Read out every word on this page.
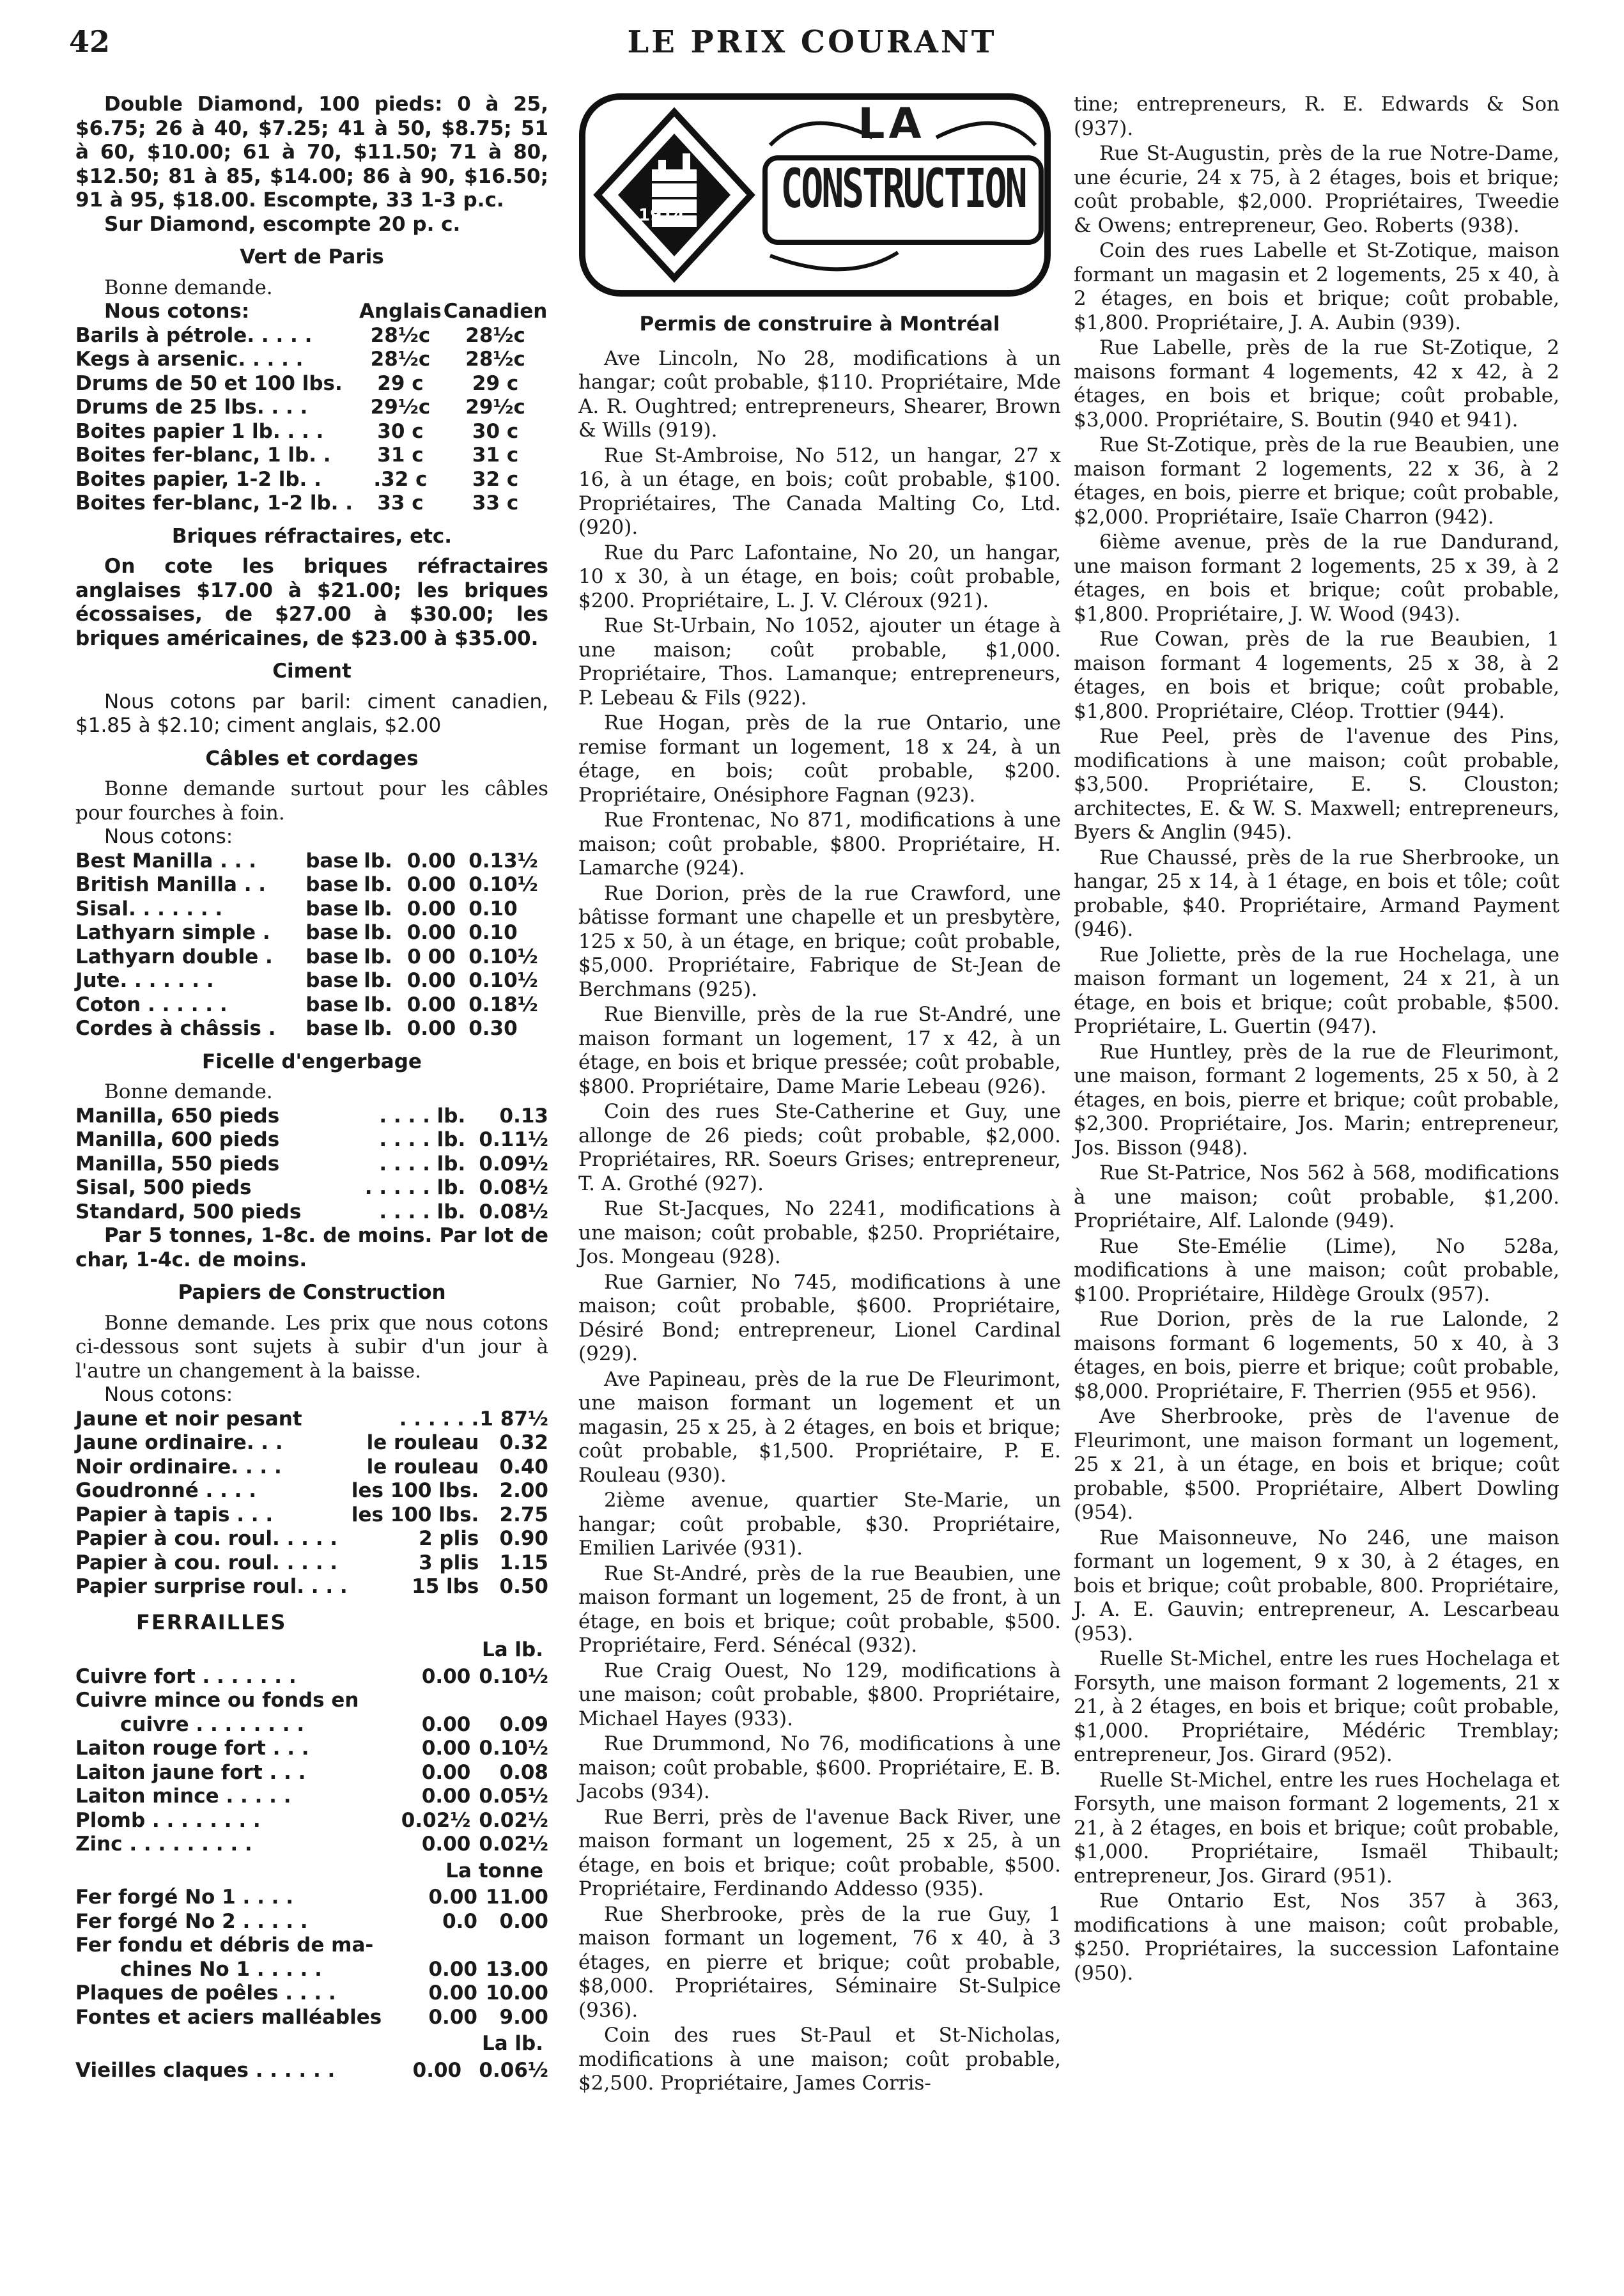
42	LE PRIX COURANT

Double Diamond, 100 pieds: 0 à 25, $6.75; 26 à 40, $7.25; 41 à 50, $8.75; 51 à 60, $10.00; 61 à 70, $11.50; 71 à 80, $12.50; 81 à 85, $14.00; 86 à 90, $16.50; 91 à 95, $18.00. Escompte, 33 1-3 p.c.

Sur Diamond, escompte 20 p. c.

Vert de Paris

Bonne demande.

Nous cotons:	Anglais	Canadien
Barils à pétrole. . . . .	28½c	28½c
Kegs à arsenic. . . . .	28½c	28½c
Drums de 50 et 100 lbs.	29 c	29 c
Drums de 25 lbs. . . .	29½c	29½c
Boites papier 1 lb. . . .	30 c	30 c
Boites fer-blanc, 1 lb. .	31 c	31 c
Boites papier, 1-2 lb. .	.32 c	32 c
Boites fer-blanc, 1-2 lb. .	33 c	33 c
Briques réfractaires, etc.

On cote les briques réfractaires anglaises $17.00 à $21.00; les briques écossaises, de $27.00 à $30.00; les briques américaines, de $23.00 à $35.00.

Ciment

Nous cotons par baril: ciment canadien, $1.85 à $2.10; ciment anglais, $2.00

Câbles et cordages

Bonne demande surtout pour les câbles pour fourches à foin.

Nous cotons:

Best Manilla . . .	base	lb.	0.00	0.13½
British Manilla . .	base	lb.	0.00	0.10½
Sisal. . . . . . .	base	lb.	0.00	0.10
Lathyarn simple .	base	lb.	0.00	0.10
Lathyarn double .	base	lb.	0 00	0.10½
Jute. . . . . . .	base	lb.	0.00	0.10½
Coton . . . . . .	base	lb.	0.00	0.18½
Cordes à châssis .	base	lb.	0.00	0.30
Ficelle d'engerbage

Bonne demande.

Manilla, 650 pieds	. . . . lb.	0.13
Manilla, 600 pieds	. . . . lb.	0.11½
Manilla, 550 pieds	. . . . lb.	0.09½
Sisal, 500 pieds	. . . . . lb.	0.08½
Standard, 500 pieds	. . . . lb.	0.08½

Par 5 tonnes, 1-8c. de moins. Par lot de char, 1-4c. de moins.

Papiers de Construction

Bonne demande. Les prix que nous cotons ci-dessous sont sujets à subir d'un jour à l'autre un changement à la baisse.

Nous cotons:

Jaune et noir pesant	. . . . . .	1 87½
Jaune ordinaire. . .	le rouleau	0.32
Noir ordinaire. . . .	le rouleau	0.40
Goudronné . . . .	les 100 lbs.	2.00
Papier à tapis . . .	les 100 lbs.	2.75
Papier à cou. roul. . . . .	2 plis	0.90
Papier à cou. roul. . . . .	3 plis	1.15
Papier surprise roul. . . .	15 lbs	0.50
FERRAILLES
La lb.
Cuivre fort . . . . . . .	0.00	0.10½
Cuivre mince ou fonds en		
cuivre . . . . . . . .	0.00	0.09
Laiton rouge fort . . .	0.00	0.10½
Laiton jaune fort . . .	0.00	0.08
Laiton mince . . . . .	0.00	0.05½
Plomb . . . . . . . .	0.02½	0.02½
Zinc . . . . . . . . .	0.00	0.02½
La tonne
Fer forgé No 1 . . . .	0.00	11.00
Fer forgé No 2 . . . . .	0.0	0.00
Fer fondu et débris de ma-		
chines No 1 . . . . .	0.00	13.00
Plaques de poêles . . . .	0.00	10.00
Fontes et aciers malléables	0.00	9.00
La lb.
Vieilles claques . . . . . .	0.00	0.06½
1914
LA
CONSTRUCTION
Permis de construire à Montréal

Ave Lincoln, No 28, modifications à un hangar; coût probable, $110. Propriétaire, Mde A. R. Oughtred; entrepreneurs, Shearer, Brown & Wills (919).

Rue St-Ambroise, No 512, un hangar, 27 x 16, à un étage, en bois; coût probable, $100. Propriétaires, The Canada Malting Co, Ltd. (920).

Rue du Parc Lafontaine, No 20, un hangar, 10 x 30, à un étage, en bois; coût probable, $200. Propriétaire, L. J. V. Cléroux (921).

Rue St-Urbain, No 1052, ajouter un étage à une maison; coût probable, $1,000. Propriétaire, Thos. Lamanque; entrepreneurs, P. Lebeau & Fils (922).

Rue Hogan, près de la rue Ontario, une remise formant un logement, 18 x 24, à un étage, en bois; coût probable, $200. Propriétaire, Onésiphore Fagnan (923).

Rue Frontenac, No 871, modifications à une maison; coût probable, $800. Propriétaire, H. Lamarche (924).

Rue Dorion, près de la rue Crawford, une bâtisse formant une chapelle et un presbytère, 125 x 50, à un étage, en brique; coût probable, $5,000. Propriétaire, Fabrique de St-Jean de Berchmans (925).

Rue Bienville, près de la rue St-André, une maison formant un logement, 17 x 42, à un étage, en bois et brique pressée; coût probable, $800. Propriétaire, Dame Marie Lebeau (926).

Coin des rues Ste-Catherine et Guy, une allonge de 26 pieds; coût probable, $2,000. Propriétaires, RR. Soeurs Grises; entrepreneur, T. A. Grothé (927).

Rue St-Jacques, No 2241, modifications à une maison; coût probable, $250. Propriétaire, Jos. Mongeau (928).

Rue Garnier, No 745, modifications à une maison; coût probable, $600. Propriétaire, Désiré Bond; entrepreneur, Lionel Cardinal (929).

Ave Papineau, près de la rue De Fleurimont, une maison formant un logement et un magasin, 25 x 25, à 2 étages, en bois et brique; coût probable, $1,500. Propriétaire, P. E. Rouleau (930).

2ième avenue, quartier Ste-Marie, un hangar; coût probable, $30. Propriétaire, Emilien Larivée (931).

Rue St-André, près de la rue Beaubien, une maison formant un logement, 25 de front, à un étage, en bois et brique; coût probable, $500. Propriétaire, Ferd. Sénécal (932).

Rue Craig Ouest, No 129, modifications à une maison; coût probable, $800. Propriétaire, Michael Hayes (933).

Rue Drummond, No 76, modifications à une maison; coût probable, $600. Propriétaire, E. B. Jacobs (934).

Rue Berri, près de l'avenue Back River, une maison formant un logement, 25 x 25, à un étage, en bois et brique; coût probable, $500. Propriétaire, Ferdinando Addesso (935).

Rue Sherbrooke, près de la rue Guy, 1 maison formant un logement, 76 x 40, à 3 étages, en pierre et brique; coût probable, $8,000. Propriétaires, Séminaire St-Sulpice (936).

Coin des rues St-Paul et St-Nicholas, modifications à une maison; coût probable, $2,500. Propriétaire, James Corris-

tine; entrepreneurs, R. E. Edwards & Son (937).

Rue St-Augustin, près de la rue Notre-Dame, une écurie, 24 x 75, à 2 étages, bois et brique; coût probable, $2,000. Propriétaires, Tweedie & Owens; entrepreneur, Geo. Roberts (938).

Coin des rues Labelle et St-Zotique, maison formant un magasin et 2 logements, 25 x 40, à 2 étages, en bois et brique; coût probable, $1,800. Propriétaire, J. A. Aubin (939).

Rue Labelle, près de la rue St-Zotique, 2 maisons formant 4 logements, 42 x 42, à 2 étages, en bois et brique; coût probable, $3,000. Propriétaire, S. Boutin (940 et 941).

Rue St-Zotique, près de la rue Beaubien, une maison formant 2 logements, 22 x 36, à 2 étages, en bois, pierre et brique; coût probable, $2,000. Propriétaire, Isaïe Charron (942).

6ième avenue, près de la rue Dandurand, une maison formant 2 logements, 25 x 39, à 2 étages, en bois et brique; coût probable, $1,800. Propriétaire, J. W. Wood (943).

Rue Cowan, près de la rue Beaubien, 1 maison formant 4 logements, 25 x 38, à 2 étages, en bois et brique; coût probable, $1,800. Propriétaire, Cléop. Trottier (944).

Rue Peel, près de l'avenue des Pins, modifications à une maison; coût probable, $3,500. Propriétaire, E. S. Clouston; architectes, E. & W. S. Maxwell; entrepreneurs, Byers & Anglin (945).

Rue Chaussé, près de la rue Sherbrooke, un hangar, 25 x 14, à 1 étage, en bois et tôle; coût probable, $40. Propriétaire, Armand Payment (946).

Rue Joliette, près de la rue Hochelaga, une maison formant un logement, 24 x 21, à un étage, en bois et brique; coût probable, $500. Propriétaire, L. Guertin (947).

Rue Huntley, près de la rue de Fleurimont, une maison, formant 2 logements, 25 x 50, à 2 étages, en bois, pierre et brique; coût probable, $2,300. Propriétaire, Jos. Marin; entrepreneur, Jos. Bisson (948).

Rue St-Patrice, Nos 562 à 568, modifications à une maison; coût probable, $1,200. Propriétaire, Alf. Lalonde (949).

Rue Ste-Emélie (Lime), No 528a, modifications à une maison; coût probable, $100. Propriétaire, Hildège Groulx (957).

Rue Dorion, près de la rue Lalonde, 2 maisons formant 6 logements, 50 x 40, à 3 étages, en bois, pierre et brique; coût probable, $8,000. Propriétaire, F. Therrien (955 et 956).

Ave Sherbrooke, près de l'avenue de Fleurimont, une maison formant un logement, 25 x 21, à un étage, en bois et brique; coût probable, $500. Propriétaire, Albert Dowling (954).

Rue Maisonneuve, No 246, une maison formant un logement, 9 x 30, à 2 étages, en bois et brique; coût probable, 800. Propriétaire, J. A. E. Gauvin; entrepreneur, A. Lescarbeau (953).

Ruelle St-Michel, entre les rues Hochelaga et Forsyth, une maison formant 2 logements, 21 x 21, à 2 étages, en bois et brique; coût probable, $1,000. Propriétaire, Médéric Tremblay; entrepreneur, Jos. Girard (952).

Ruelle St-Michel, entre les rues Hochelaga et Forsyth, une maison formant 2 logements, 21 x 21, à 2 étages, en bois et brique; coût probable, $1,000. Propriétaire, Ismaël Thibault; entrepreneur, Jos. Girard (951).

Rue Ontario Est, Nos 357 à 363, modifications à une maison; coût probable, $250. Propriétaires, la succession Lafontaine (950).
